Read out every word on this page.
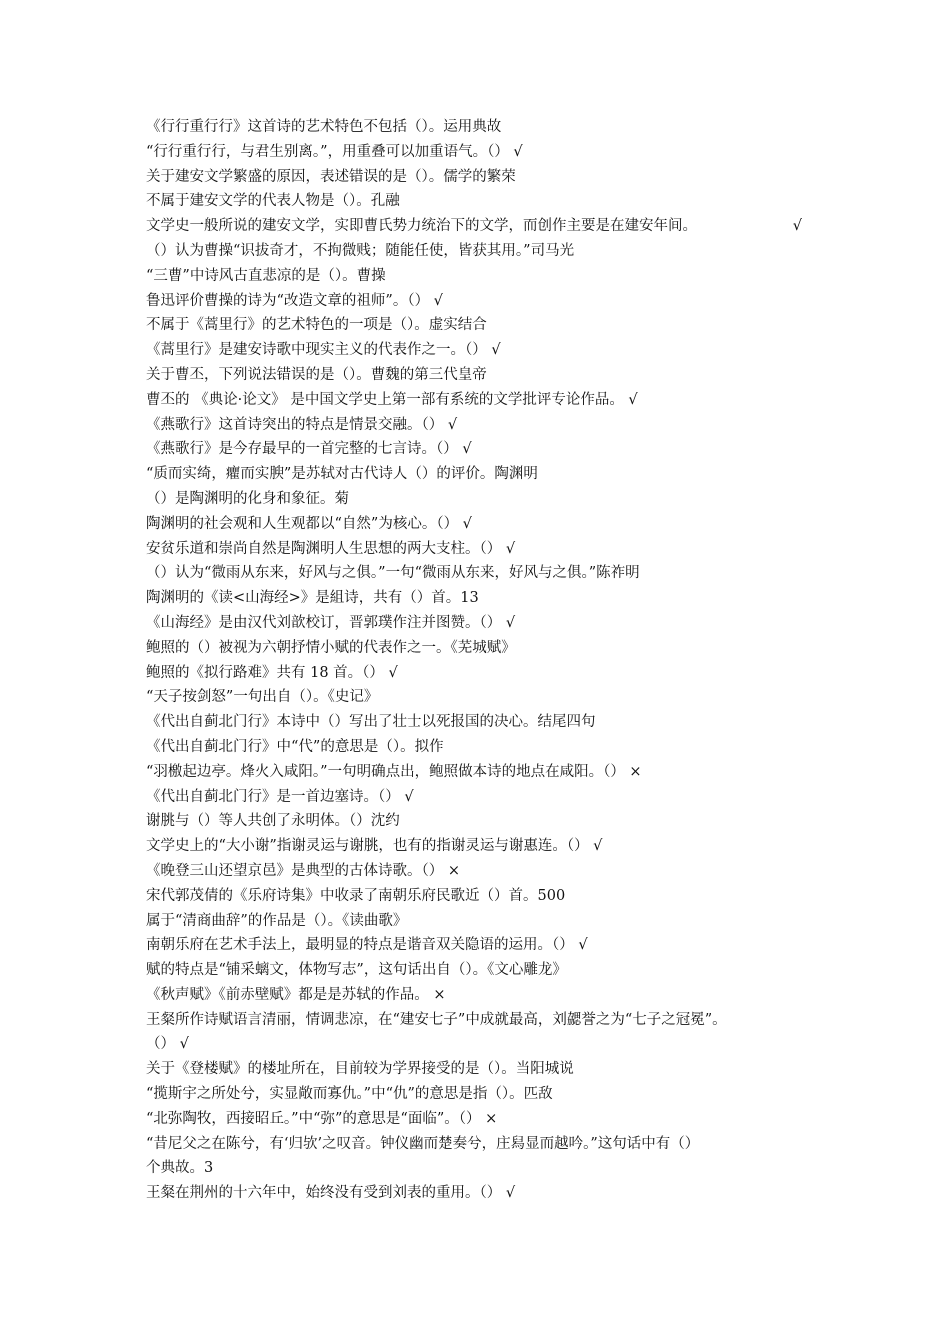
《行行重行行》这首诗的艺术特色不包括（）。运用典故
“行行重行行，与君生别离。”，用重叠可以加重语气。（） √
关于建安文学繁盛的原因，表述错误的是（）。儒学的繁荣
不属于建安文学的代表人物是（）。孔融
文学史一般所说的建安文学，实即曹氏势力统治下的文学，而创作主要是在建安年间。	√
（）认为曹操“识拔奇才，不拘微贱；随能任使，皆获其用。”司马光
“三曹”中诗风古直悲凉的是（）。曹操
鲁迅评价曹操的诗为“改造文章的祖师”。（） √
不属于《蒿里行》的艺术特色的一项是（）。虚实结合
《蒿里行》是建安诗歌中现实主义的代表作之一。（） √
关于曹丕，下列说法错误的是（）。曹魏的第三代皇帝
曹丕的 《典论·论文》 是中国文学史上第一部有系统的文学批评专论作品。 √
《燕歌行》这首诗突出的特点是情景交融。（） √
《燕歌行》是今存最早的一首完整的七言诗。（） √
“质而实绮，癯而实腴”是苏轼对古代诗人（）的评价。陶渊明
（）是陶渊明的化身和象征。菊
陶渊明的社会观和人生观都以“自然”为核心。（） √
安贫乐道和崇尚自然是陶渊明人生思想的两大支柱。（） √
（）认为“微雨从东来，好风与之俱。”一句“微雨从东来，好风与之俱。”陈祚明
陶渊明的《读<山海经>》是組诗，共有（）首。13
《山海经》是由汉代刘歆校订，晋郭璞作注并图赞。（） √
鲍照的（）被视为六朝抒情小赋的代表作之一。《芜城赋》
鲍照的《拟行路难》共有 18 首。（） √
“天子按剑怒”一句出自（）。《史记》
《代出自蓟北门行》本诗中（）写出了壮士以死报国的决心。结尾四句
《代出自蓟北门行》中“代”的意思是（）。拟作
“羽檄起边亭。烽火入咸阳。”一句明确点出，鲍照做本诗的地点在咸阳。（） ×
《代出自蓟北门行》是一首边塞诗。（） √
谢朓与（）等人共创了永明体。（）沈约
文学史上的“大小谢”指谢灵运与谢朓，也有的指谢灵运与谢惠连。（） √
《晚登三山还望京邑》是典型的古体诗歌。（） ×
宋代郭茂倩的《乐府诗集》中收录了南朝乐府民歌近（）首。500
属于“清商曲辞”的作品是（）。《读曲歌》
南朝乐府在艺术手法上，最明显的特点是谐音双关隐语的运用。（） √
赋的特点是“铺采螭文，体物写志”，这句话出自（）。《文心雕龙》
《秋声赋》《前赤壁赋》都是是苏轼的作品。 ×
王粲所作诗赋语言清丽，情调悲凉，在“建安七子”中成就最高，刘勰誉之为“七子之冠冕”。
（） √
关于《登楼赋》的楼址所在，目前较为学界接受的是（）。当阳城说
“揽斯宇之所处兮，实显敞而寡仇。”中“仇”的意思是指（）。匹敌
“北弥陶牧，西接昭丘。”中“弥”的意思是“面临”。（） ×
“昔尼父之在陈兮，有‘归欤’之叹音。钟仪幽而楚奏兮，庄舄显而越吟。”这句话中有（）
个典故。3
王粲在荆州的十六年中，始终没有受到刘表的重用。（） √
